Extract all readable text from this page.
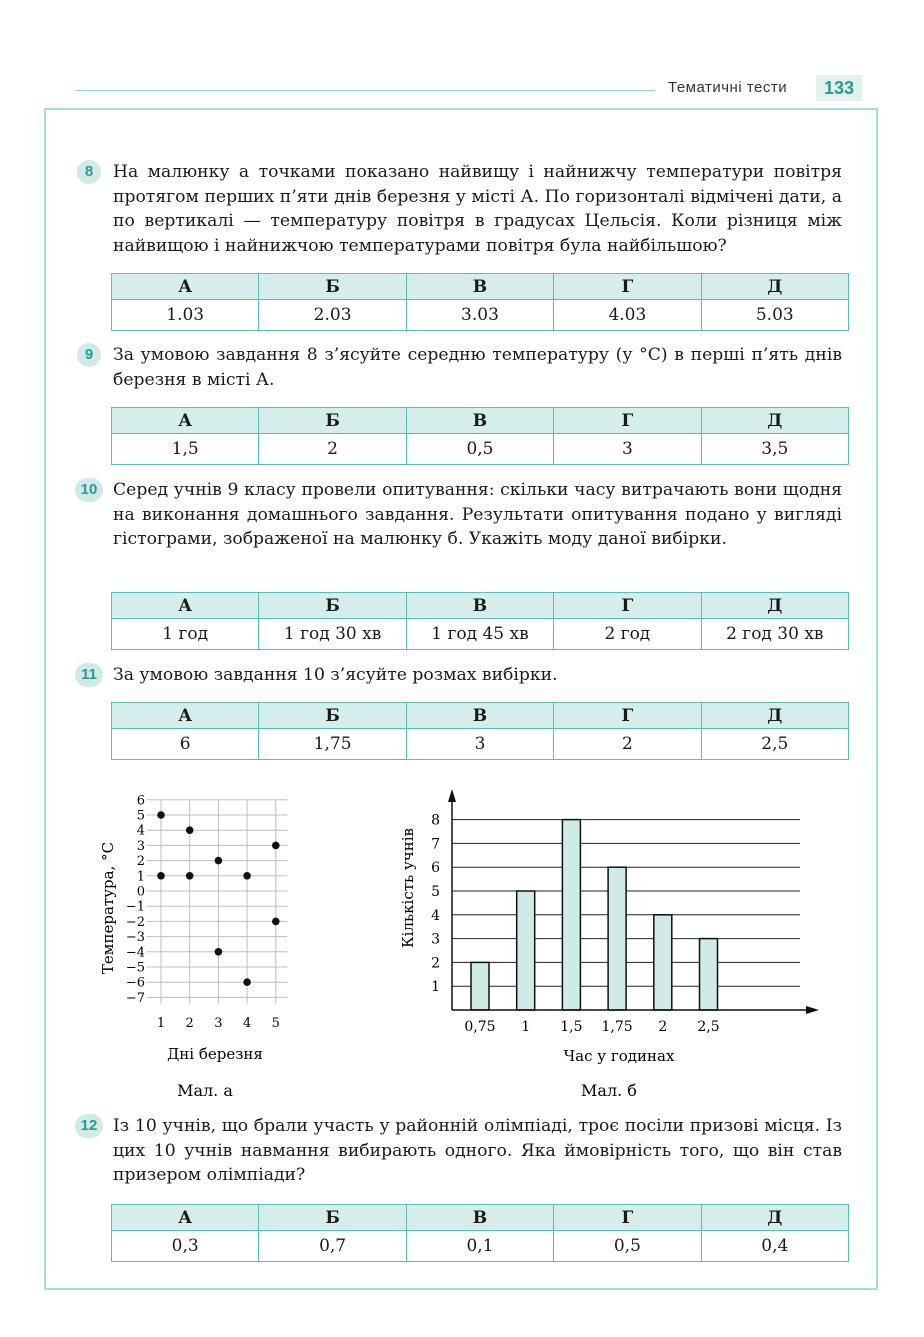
Тематичні тести	133
8	На малюнку а точками показано найвищу і найнижчу температури повітря протягом перших п’яти днів березня у місті А. По горизонталі відмічені дати, а по вертикалі — температуру повітря в градусах Цельсія. Коли різниця між найвищою і найнижчою температурами повітря була найбільшою?
А	Б	В	Г	Д
1.03	2.03	3.03	4.03	5.03
9	За умовою завдання 8 з’ясуйте середню температуру (у °С) в перші п’ять днів березня в місті А.
А	Б	В	Г	Д
1,5	2	0,5	3	3,5
10 Серед учнів 9 класу провели опитування: скільки часу витрачають вони щодня на виконання домашнього завдання. Результати опитування подано у вигляді гістограми, зображеної на малюнку б. Укажіть моду даної вибірки.
А	Б	В	Г	Д
1 год	1 год 30 хв	1 год 45 хв	2 год	2 год 30 хв
11 За умовою завдання 10 з’ясуйте розмах вибірки.
А	Б	В	Г	Д
6	1,75	3	2	2,5
6
5
4
3
2
1
0
−1
−2
−3
−4
−5
−6
−7
1 2 3 4 5
Температура, °С
Дні березня
Мал. а
1
2
3
4
5
6
7
8
0,75 1 1,5 1,75 2 2,5
Кількість учнів
Час у годинах
Мал. б
12 Із 10 учнів, що брали участь у районній олімпіаді, троє посіли призові місця. Із цих 10 учнів навмання вибирають одного. Яка ймовірність того, що він став призером олімпіади?
А	Б	В	Г	Д
0,3	0,7	0,1	0,5	0,4
